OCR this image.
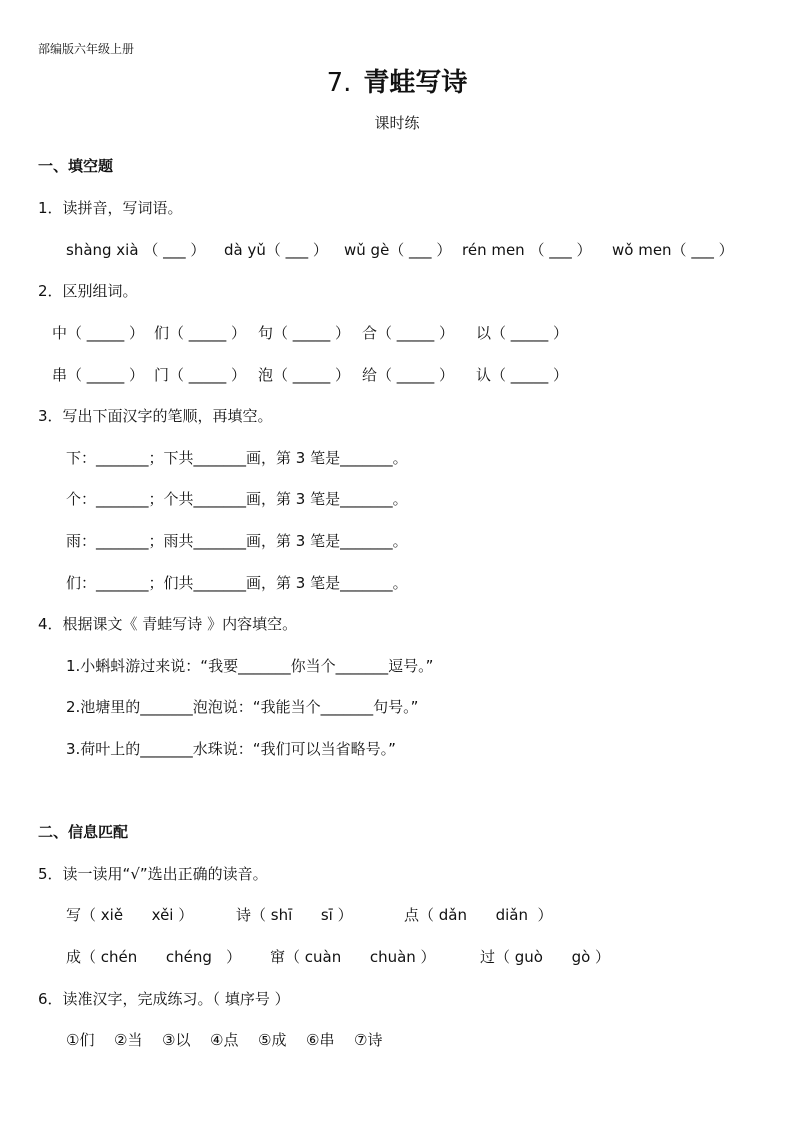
部编版六年级上册
7. 青蛙写诗
课时练
一、填空题
1．读拼音，写词语。
shàng xià （ ___ ）	dà yǔ（ ___ ）	wǔ gè（ ___ ） rén men （ ___ ）	wǒ men（ ___ ）
2．区别组词。
中（ _____ ） 们（ _____ ） 句（ _____ ） 合（ _____ ）	以（ _____ ）
串（ _____ ） 门（ _____ ） 泡（ _____ ） 给（ _____ ）	认（ _____ ）
3．写出下面汉字的笔顺，再填空。
下：_______；下共_______画，第 3 笔是_______。
个：_______；个共_______画，第 3 笔是_______。
雨：_______；雨共_______画，第 3 笔是_______。
们：_______；们共_______画，第 3 笔是_______。
4．根据课文《 青蛙写诗 》内容填空。
1.小蝌蚪游过来说：“我要_______你当个_______逗号。”
2.池塘里的_______泡泡说：“我能当个_______句号。”
3.荷叶上的_______水珠说：“我们可以当省略号。”
二、信息匹配
5．读一读用“√”选出正确的读音。
写（ xiě      xěi ）	诗（ shī      sī ）	点（ dǎn      diǎn  ）
成（ chén      chéng   ）	窜（ cuàn      chuàn ）	过（ guò      gò ）
6．读准汉字，完成练习。（ 填序号 ）
①们	②当	③以	④点	⑤成	⑥串	⑦诗
